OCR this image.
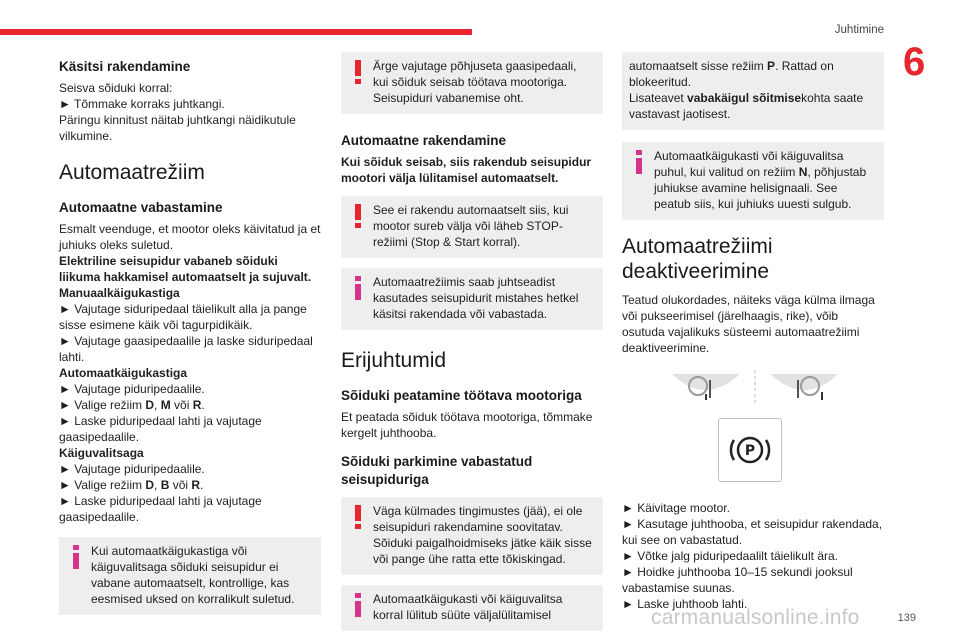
Juhtimine
6

Käsitsi rakendamine

Seisva sõiduki korral:

► Tõmmake korraks juhtkangi.

Päringu kinnitust näitab juhtkangi näidikutule vilkumine.

Automaatrežiim

Automaatne vabastamine

Esmalt veenduge, et mootor oleks käivitatud ja et juhiuks oleks suletud.

Elektriline seisupidur vabaneb sõiduki liikuma hakkamisel automaatselt ja sujuvalt.

Manuaalkäigukastiga

► Vajutage siduripedaal täielikult alla ja pange sisse esimene käik või tagurpidikäik.

► Vajutage gaasipedaalile ja laske siduripedaal lahti.

Automaatkäigukastiga

► Vajutage piduripedaalile.

► Valige režiim D, M või R.

► Laske piduripedaal lahti ja vajutage gaasipedaalile.

Käiguvalitsaga

► Vajutage piduripedaalile.

► Valige režiim D, B või R.

► Laske piduripedaal lahti ja vajutage gaasipedaalile.

Kui automaatkäigukastiga või käiguvalitsaga sõiduki seisupidur ei vabane automaatselt, kontrollige, kas eesmised uksed on korralikult suletud.

Ärge vajutage põhjuseta gaasipedaali, kui sõiduk seisab töötava mootoriga. Seisupiduri vabanemise oht.

Automaatne rakendamine

Kui sõiduk seisab, siis rakendub seisupidur mootori välja lülitamisel automaatselt.

See ei rakendu automaatselt siis, kui mootor sureb välja või läheb STOP-režiimi (Stop & Start korral).

Automaatrežiimis saab juhtseadist kasutades seisupidurit mistahes hetkel käsitsi rakendada või vabastada.

Erijuhtumid

Sõiduki peatamine töötava mootoriga

Et peatada sõiduk töötava mootoriga, tõmmake kergelt juhthooba.

Sõiduki parkimine vabastatud seisupiduriga

Väga külmades tingimustes (jää), ei ole seisupiduri rakendamine soovitatav. Sõiduki paigalhoidmiseks jätke käik sisse või pange ühe ratta ette tõkiskingad.

Automaatkäigukasti või käiguvalitsa korral lülitub süüte väljalülitamisel

automaatselt sisse režiim P. Rattad on blokeeritud.

Lisateavet vabakäigul sõitmisekohta saate vastavast jaotisest.

Automaatkäigukasti või käiguvalitsa puhul, kui valitud on režiim N, põhjustab juhiukse avamine helisignaali. See peatub siis, kui juhiuks uuesti sulgub.

Automaatrežiimi deaktiveerimine

Teatud olukordades, näiteks väga külma ilmaga või pukseerimisel (järelhaagis, rike), võib osutuda vajalikuks süsteemi automaatrežiimi deaktiveerimine.

P

► Käivitage mootor.

► Kasutage juhthooba, et seisupidur rakendada, kui see on vabastatud.

► Võtke jalg piduripedaalilt täielikult ära.

► Hoidke juhthooba 10–15 sekundi jooksul vabastamise suunas.

► Laske juhthoob lahti.

carmanualsonline.info	139
